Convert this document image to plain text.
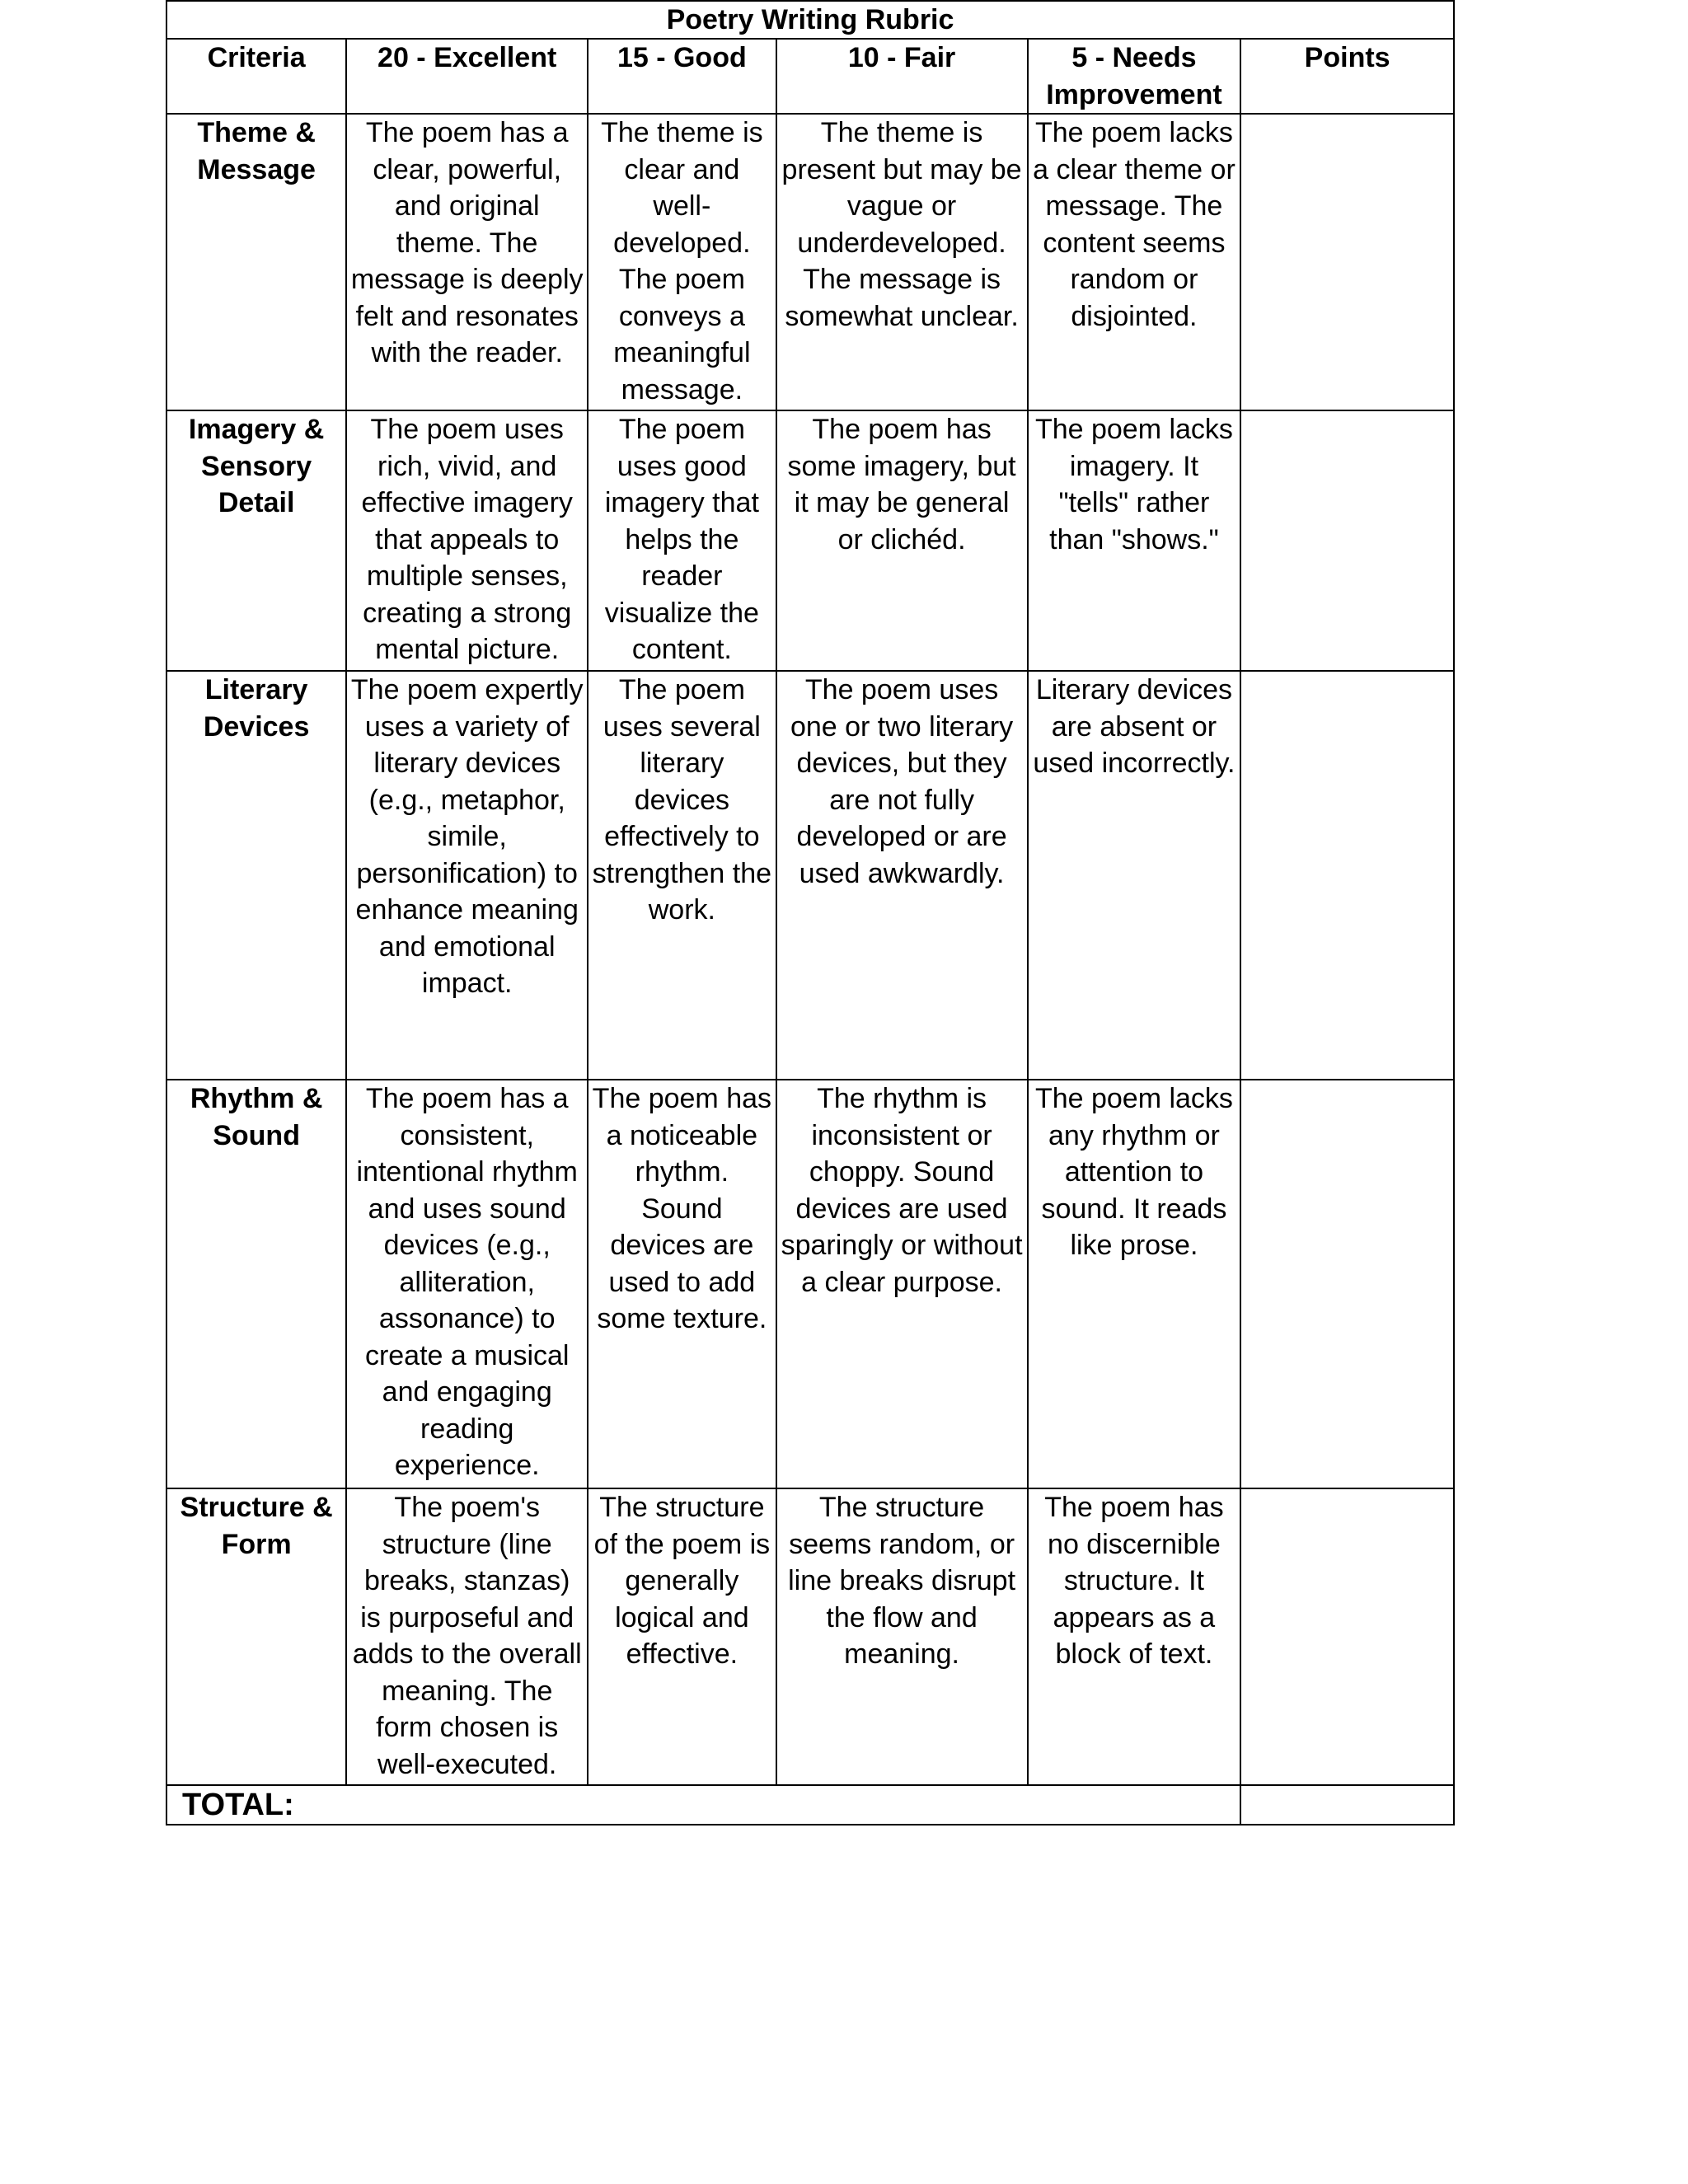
Poetry Writing Rubric					
Criteria	20 - Excellent	15 - Good	10 - Fair	5 - Needs Improvement	Points
Theme & Message	The poem has a clear, powerful, and original theme. The message is deeply felt and resonates with the reader.	The theme is clear and well-developed. The poem conveys a meaningful message.	The theme is present but may be vague or underdeveloped. The message is somewhat unclear.	The poem lacks a clear theme or message. The content seems random or disjointed.	
Imagery & Sensory Detail	The poem uses rich, vivid, and effective imagery that appeals to multiple senses, creating a strong mental picture.	The poem uses good imagery that helps the reader visualize the content.	The poem has some imagery, but it may be general or clichéd.	The poem lacks imagery. It "tells" rather than "shows."	
Literary Devices	The poem expertly uses a variety of literary devices (e.g., metaphor, simile, personification) to enhance meaning and emotional impact.	The poem uses several literary devices effectively to strengthen the work.	The poem uses one or two literary devices, but they are not fully developed or are used awkwardly.	Literary devices are absent or used incorrectly.	
Rhythm & Sound	The poem has a consistent, intentional rhythm and uses sound devices (e.g., alliteration, assonance) to create a musical and engaging reading experience.	The poem has a noticeable rhythm. Sound devices are used to add some texture.	The rhythm is inconsistent or choppy. Sound devices are used sparingly or without a clear purpose.	The poem lacks any rhythm or attention to sound. It reads like prose.	
Structure & Form	The poem's structure (line breaks, stanzas) is purposeful and adds to the overall meaning. The form chosen is well-executed.	The structure of the poem is generally logical and effective.	The structure seems random, or line breaks disrupt the flow and meaning.	The poem has no discernible structure. It appears as a block of text.	
TOTAL:					
